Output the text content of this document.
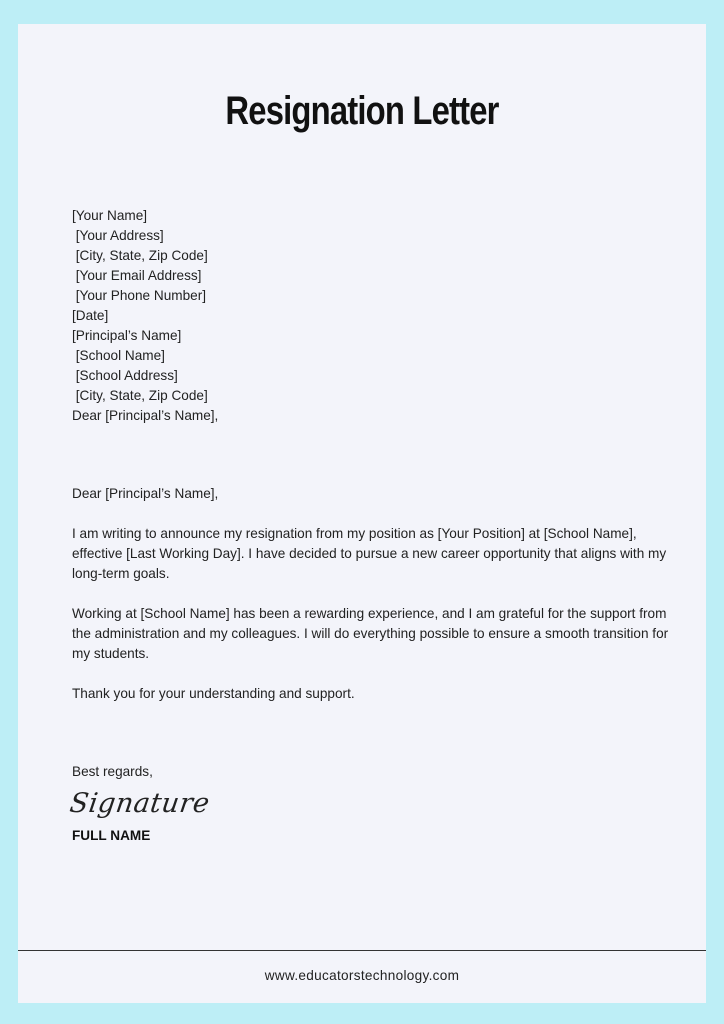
Resignation Letter
[Your Name]
[Your Address]
[City, State, Zip Code]
[Your Email Address]
[Your Phone Number]
[Date]
[Principal’s Name]
[School Name]
[School Address]
[City, State, Zip Code]
Dear [Principal’s Name],

Dear [Principal’s Name],

I am writing to announce my resignation from my position as [Your Position] at [School Name], effective [Last Working Day]. I have decided to pursue a new career opportunity that aligns with my long-term goals.

Working at [School Name] has been a rewarding experience, and I am grateful for the support from the administration and my colleagues. I will do everything possible to ensure a smooth transition for my students.

Thank you for your understanding and support.

Best regards,
Signature
FULL NAME
www.educatorstechnology.com
